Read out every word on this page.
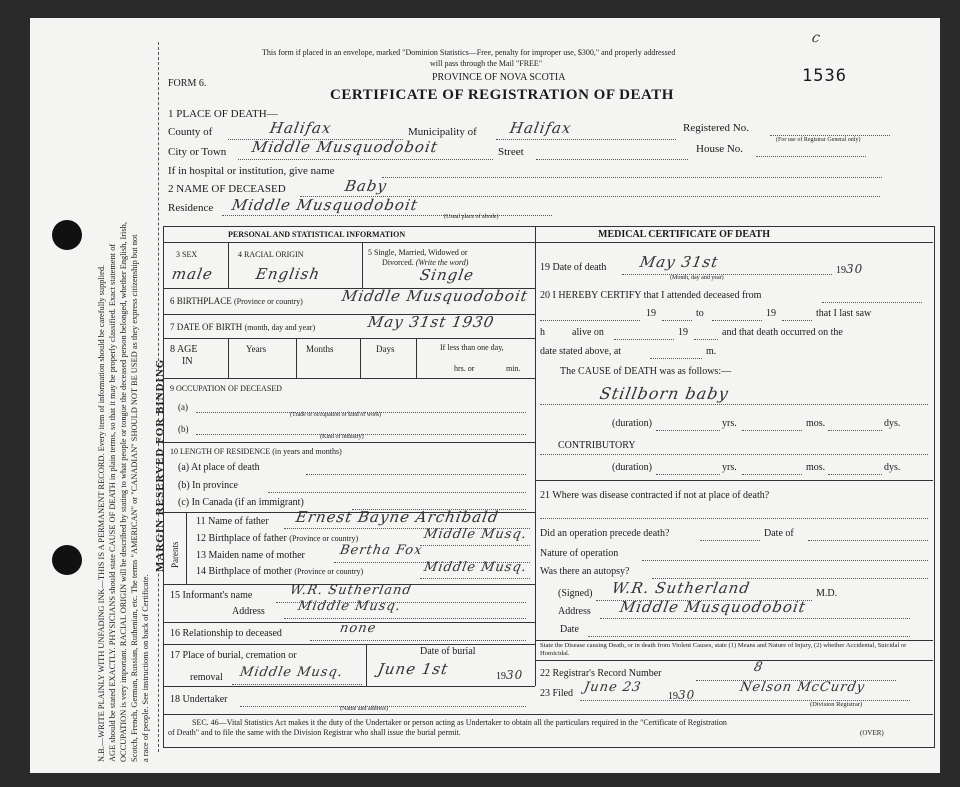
N.B.—WRITE PLAINLY WITH UNFADING INK—THIS IS A PERMANENT RECORD. Every item of information should be carefully supplied. AGE should be stated EXACTLY. PHYSICIANS should state CAUSE OF DEATH in plain terms, so that it may be properly classified. Exact statement of OCCUPATION is very important. RACIAL ORIGIN will be described by stating to what people or tongue the deceased person belonged, whether English, Irish, Scotch, French, German, Russian, Ruthenian, etc. The terms "AMERICAN" or "CANADIAN" SHOULD NOT BE USED as they express citizenship but not a race of people. See instructions on back of Certificate.
MARGIN RESERVED FOR BINDING
This form if placed in an envelope, marked "Dominion Statistics—Free, penalty for improper use, $300," and properly addressed
will pass through the Mail "FREE"
PROVINCE OF NOVA SCOTIA
FORM 6.
CERTIFICATE OF REGISTRATION OF DEATH
1536
c
1 PLACE OF DEATH—
County of	Halifax	Municipality of Halifax	Registered No.
(For use of Registrar General only)
City or Town Middle Musquodoboit	Street	House No.
If in hospital or institution, give name
2 NAME OF DECEASED	Baby
Residence Middle Musquodoboit
(Usual place of abode)
PERSONAL AND STATISTICAL INFORMATION
3 SEX
male
4 RACIAL ORIGIN
English
5 Single, Married, Widowed or
Divorced. (Write the word)
Single
6 BIRTHPLACE (Province or country)	Middle Musquodoboit
7 DATE OF BIRTH (month, day and year)	May 31st 1930
8 AGE
IN
Years	Months	Days	If less than one day,
hrs. or	min.
9 OCCUPATION OF DECEASED
(a)
(Trade or occupation or kind of work)
(b)
(Kind of industry)
10 LENGTH OF RESIDENCE (in years and months)
(a) At place of death
(b) In province
(c) In Canada (if an immigrant)
Parents
11 Name of father Ernest Bayne Archibald
12 Birthplace of father (Province or country)	Middle Musq.
13 Maiden name of mother	Bertha Fox
14 Birthplace of mother (Province or country)	Middle Musq.
15 Informant's name	W.R. Sutherland
Address Middle Musq.
16 Relationship to deceased	none
17 Place of burial, cremation or
removal Middle Musq.
Date of burial
June 1st	1930
18 Undertaker
(Name and address)
MEDICAL CERTIFICATE OF DEATH
19 Date of death May 31st
(Month, day and year)
1930
20 I HEREBY CERTIFY that I attended deceased from
19	to	19	that I last saw
h	alive on	19	and that death occurred on the
date stated above, at	m.
The CAUSE of DEATH was as follows:—
Stillborn baby
(duration)	yrs.	mos.	dys.
CONTRIBUTORY
(duration)	yrs.	mos.	dys.
21 Where was disease contracted if not at place of death?
Did an operation precede death?	Date of
Nature of operation
Was there an autopsy?
(Signed) W.R. Sutherland	M.D.
Address Middle Musquodoboit
Date
State the Disease causing Death, or in death from Violent Causes, state (1) Means and Nature of Injury, (2) whether Accidental, Suicidal or Homicidal.
22 Registrar's Record Number	8
23 Filed June 23
1930	Nelson McCurdy
(Division Registrar)
SEC. 46—Vital Statistics Act makes it the duty of the Undertaker or person acting as Undertaker to obtain all the particulars required in the "Certificate of Registration
of Death" and to file the same with the Division Registrar who shall issue the burial permit.	(OVER)
